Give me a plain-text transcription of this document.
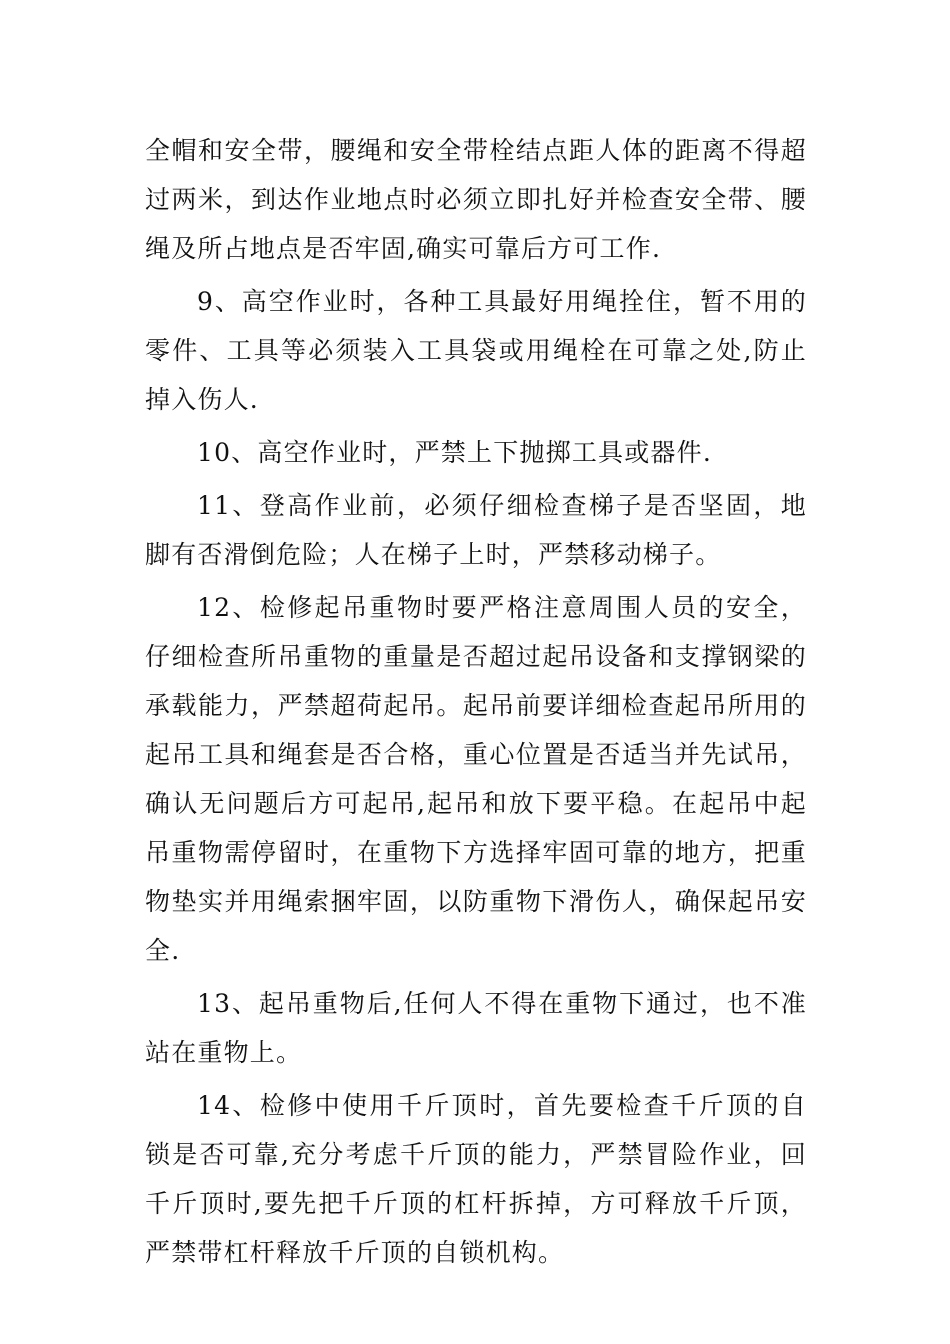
全帽和安全带，腰绳和安全带栓结点距人体的距离不得超过两米，到达作业地点时必须立即扎好并检查安全带、腰绳及所占地点是否牢固,确实可靠后方可工作.

9、高空作业时，各种工具最好用绳拴住，暂不用的零件、工具等必须装入工具袋或用绳栓在可靠之处,防止掉入伤人.

10、高空作业时，严禁上下抛掷工具或器件.

11、登高作业前，必须仔细检查梯子是否坚固，地脚有否滑倒危险；人在梯子上时，严禁移动梯子。

12、检修起吊重物时要严格注意周围人员的安全，仔细检查所吊重物的重量是否超过起吊设备和支撑钢梁的承载能力，严禁超荷起吊。起吊前要详细检查起吊所用的起吊工具和绳套是否合格，重心位置是否适当并先试吊，确认无问题后方可起吊,起吊和放下要平稳。在起吊中起吊重物需停留时，在重物下方选择牢固可靠的地方，把重物垫实并用绳索捆牢固，以防重物下滑伤人，确保起吊安全.

13、起吊重物后,任何人不得在重物下通过，也不准站在重物上。

14、检修中使用千斤顶时，首先要检查千斤顶的自锁是否可靠,充分考虑千斤顶的能力，严禁冒险作业，回千斤顶时,要先把千斤顶的杠杆拆掉，方可释放千斤顶，严禁带杠杆释放千斤顶的自锁机构。
